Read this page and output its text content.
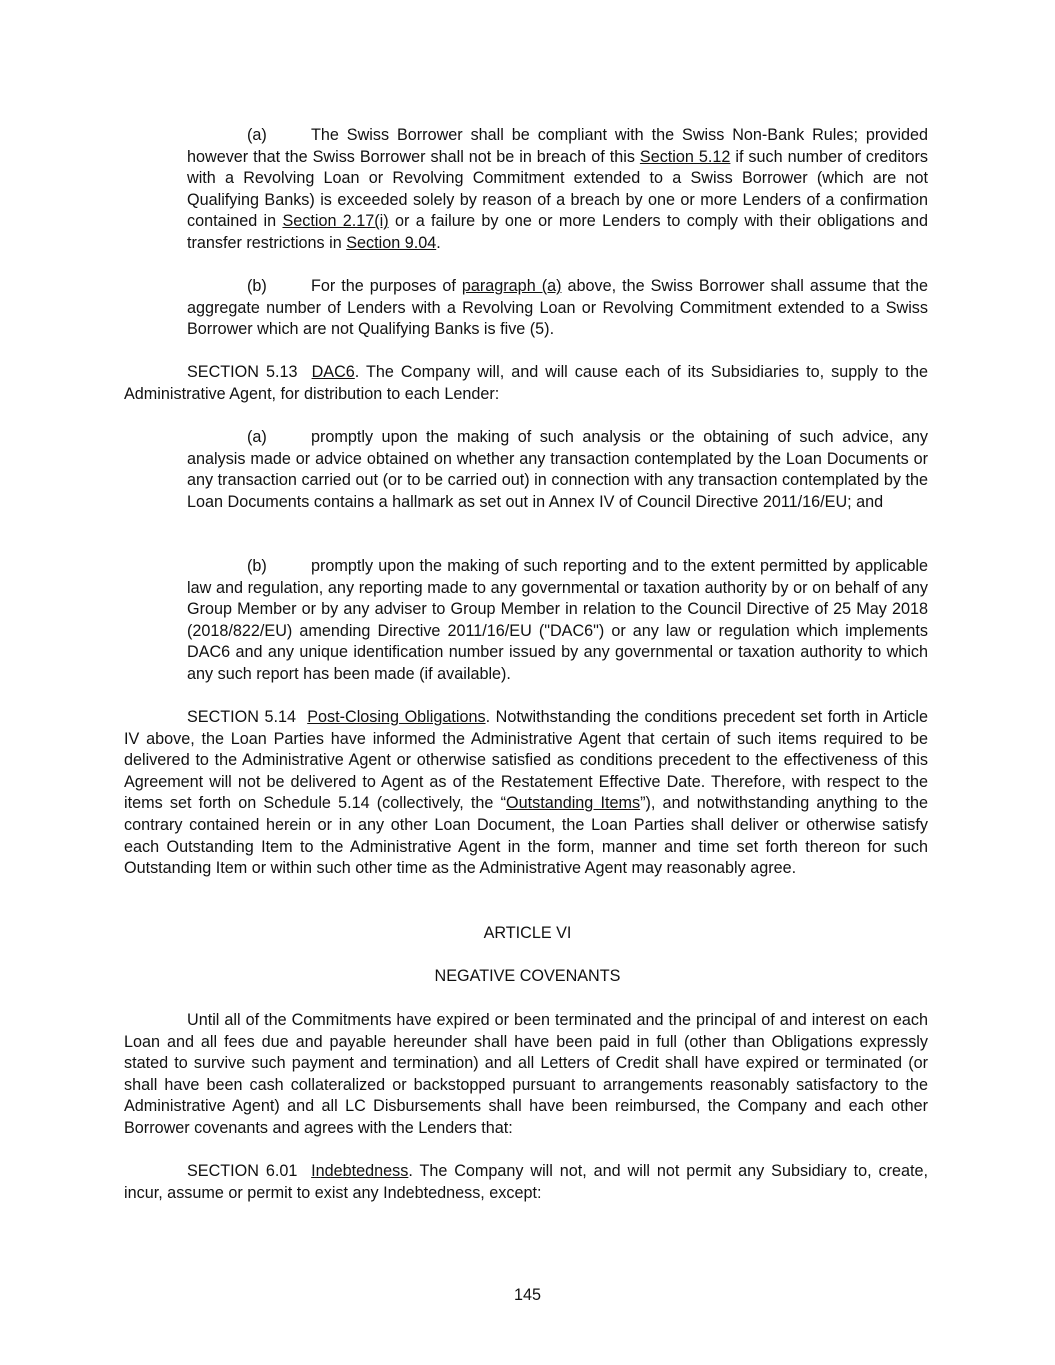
(a)	The Swiss Borrower shall be compliant with the Swiss Non-Bank Rules; provided however that the Swiss Borrower shall not be in breach of this Section 5.12 if such number of creditors with a Revolving Loan or Revolving Commitment extended to a Swiss Borrower (which are not Qualifying Banks) is exceeded solely by reason of a breach by one or more Lenders of a confirmation contained in Section 2.17(i) or a failure by one or more Lenders to comply with their obligations and transfer restrictions in Section 9.04.

(b)	For the purposes of paragraph (a) above, the Swiss Borrower shall assume that the aggregate number of Lenders with a Revolving Loan or Revolving Commitment extended to a Swiss Borrower which are not Qualifying Banks is five (5).

SECTION 5.13 DAC6. The Company will, and will cause each of its Subsidiaries to, supply to the Administrative Agent, for distribution to each Lender:

(a)	promptly upon the making of such analysis or the obtaining of such advice, any analysis made or advice obtained on whether any transaction contemplated by the Loan Documents or any transaction carried out (or to be carried out) in connection with any transaction contemplated by the Loan Documents contains a hallmark as set out in Annex IV of Council Directive 2011/16/EU; and

(b)	promptly upon the making of such reporting and to the extent permitted by applicable law and regulation, any reporting made to any governmental or taxation authority by or on behalf of any Group Member or by any adviser to Group Member in relation to the Council Directive of 25 May 2018 (2018/822/EU) amending Directive 2011/16/EU ("DAC6") or any law or regulation which implements DAC6 and any unique identification number issued by any governmental or taxation authority to which any such report has been made (if available).

SECTION 5.14 Post-Closing Obligations. Notwithstanding the conditions precedent set forth in Article IV above, the Loan Parties have informed the Administrative Agent that certain of such items required to be delivered to the Administrative Agent or otherwise satisfied as conditions precedent to the effectiveness of this Agreement will not be delivered to Agent as of the Restatement Effective Date. Therefore, with respect to the items set forth on Schedule 5.14 (collectively, the “Outstanding Items”), and notwithstanding anything to the contrary contained herein or in any other Loan Document, the Loan Parties shall deliver or otherwise satisfy each Outstanding Item to the Administrative Agent in the form, manner and time set forth thereon for such Outstanding Item or within such other time as the Administrative Agent may reasonably agree.

ARTICLE VI
NEGATIVE COVENANTS

Until all of the Commitments have expired or been terminated and the principal of and interest on each Loan and all fees due and payable hereunder shall have been paid in full (other than Obligations expressly stated to survive such payment and termination) and all Letters of Credit shall have expired or terminated (or shall have been cash collateralized or backstopped pursuant to arrangements reasonably satisfactory to the Administrative Agent) and all LC Disbursements shall have been reimbursed, the Company and each other Borrower covenants and agrees with the Lenders that:

SECTION 6.01 Indebtedness. The Company will not, and will not permit any Subsidiary to, create, incur, assume or permit to exist any Indebtedness, except:

145
